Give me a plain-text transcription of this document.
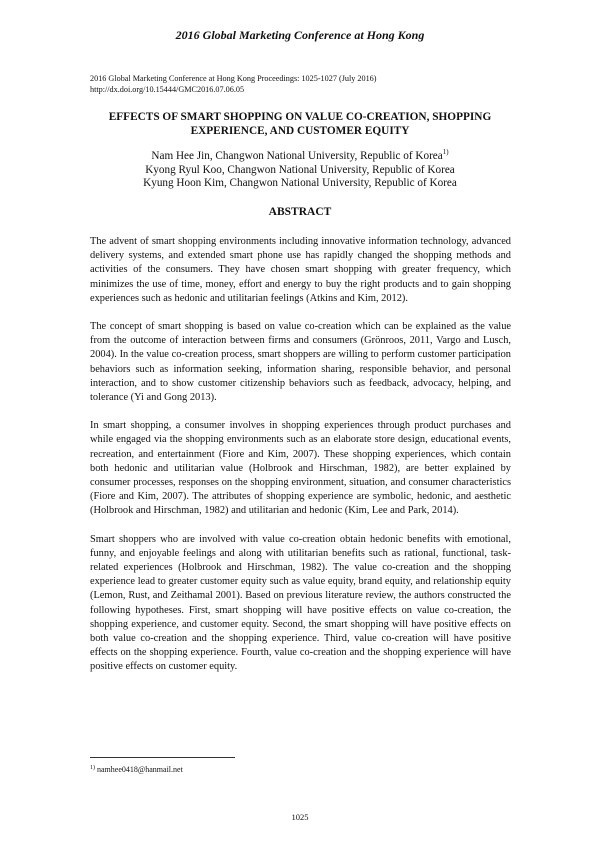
2016 Global Marketing Conference at Hong Kong
2016 Global Marketing Conference at Hong Kong Proceedings: 1025-1027 (July 2016)
http://dx.doi.org/10.15444/GMC2016.07.06.05
EFFECTS OF SMART SHOPPING ON VALUE CO-CREATION, SHOPPING EXPERIENCE, AND CUSTOMER EQUITY
Nam Hee Jin, Changwon National University, Republic of Korea$^{1)}$
Kyong Ryul Koo, Changwon National University, Republic of Korea
Kyung Hoon Kim, Changwon National University, Republic of Korea
ABSTRACT

The advent of smart shopping environments including innovative information technology, advanced delivery systems, and extended smart phone use has rapidly changed the shopping methods and activities of the consumers. They have chosen smart shopping with greater frequency, which minimizes the use of time, money, effort and energy to buy the right products and to gain shopping experiences such as hedonic and utilitarian feelings (Atkins and Kim, 2012).

The concept of smart shopping is based on value co-creation which can be explained as the value from the outcome of interaction between firms and consumers (Grönroos, 2011, Vargo and Lusch, 2004). In the value co-creation process, smart shoppers are willing to perform customer participation behaviors such as information seeking, information sharing, responsible behavior, and personal interaction, and to show customer citizenship behaviors such as feedback, advocacy, helping, and tolerance (Yi and Gong 2013).

In smart shopping, a consumer involves in shopping experiences through product purchases and while engaged via the shopping environments such as an elaborate store design, educational events, recreation, and entertainment (Fiore and Kim, 2007). These shopping experiences, which contain both hedonic and utilitarian value (Holbrook and Hirschman, 1982), are better explained by consumer processes, responses on the shopping environment, situation, and consumer characteristics (Fiore and Kim, 2007). The attributes of shopping experience are symbolic, hedonic, and aesthetic (Holbrook and Hirschman, 1982) and utilitarian and hedonic (Kim, Lee and Park, 2014).

Smart shoppers who are involved with value co-creation obtain hedonic benefits with emotional, funny, and enjoyable feelings and along with utilitarian benefits such as rational, functional, task-related experiences (Holbrook and Hirschman, 1982). The value co-creation and the shopping experience lead to greater customer equity such as value equity, brand equity, and relationship equity (Lemon, Rust, and Zeithamal 2001). Based on previous literature review, the authors constructed the following hypotheses. First, smart shopping will have positive effects on value co-creation, the shopping experience, and customer equity. Second, the smart shopping will have positive effects on both value co-creation and the shopping experience. Third, value co-creation will have positive effects on the shopping experience. Fourth, value co-creation and the shopping experience will have positive effects on customer equity.

$^{1)}$ namhee0418@hanmail.net
1025
